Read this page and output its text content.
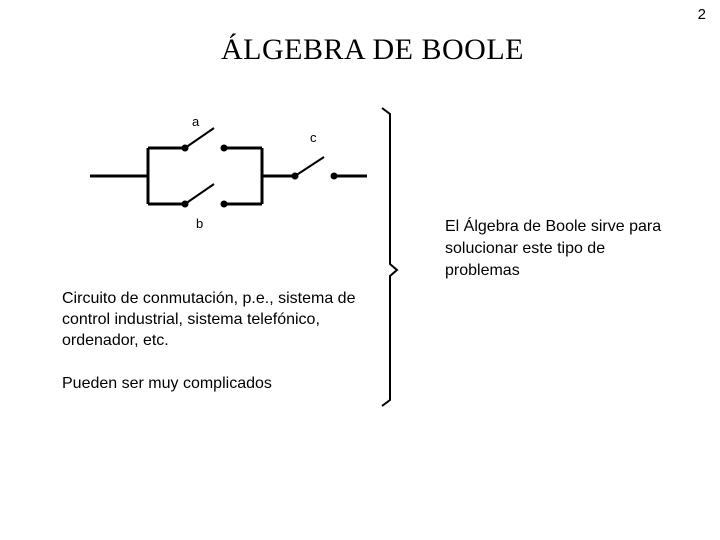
2
ÁLGEBRA DE BOOLE
a
c
b
Circuito de conmutación, p.e., sistema de control industrial, sistema telefónico, ordenador, etc.
Pueden ser muy complicados
El Álgebra de Boole sirve para solucionar este tipo de problemas
